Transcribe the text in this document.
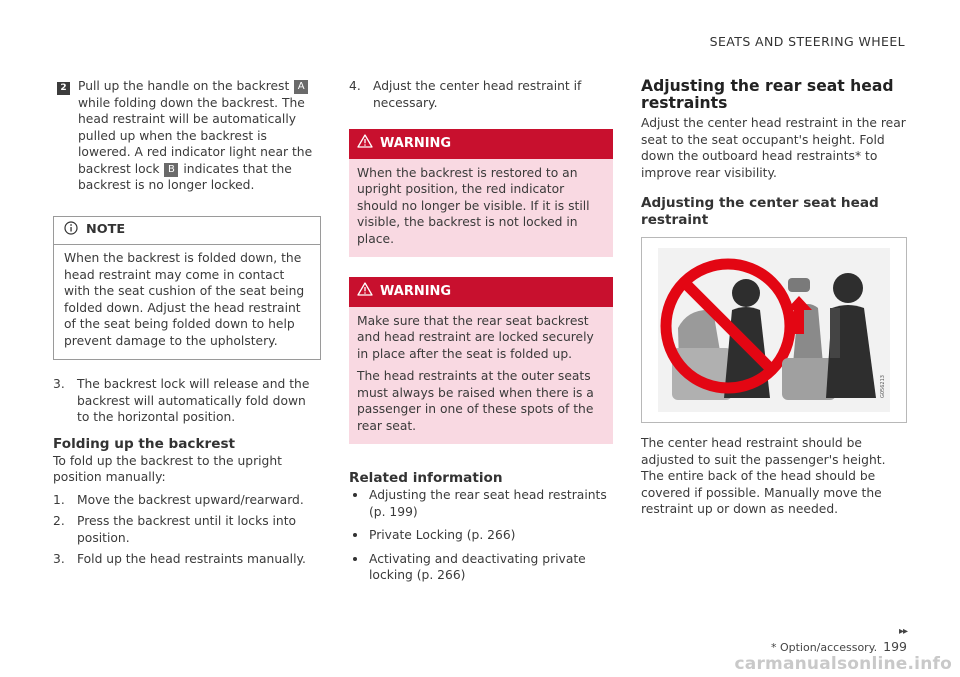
SEATS AND STEERING WHEEL
2 Pull up the handle on the backrest A while folding down the backrest. The head restraint will be automatically pulled up when the backrest is lowered. A red indicator light near the backrest lock B indicates that the backrest is no longer locked.
NOTE
When the backrest is folded down, the head restraint may come in contact with the seat cushion of the seat being folded down. Adjust the head restraint of the seat being folded down to help prevent damage to the upholstery.
3. The backrest lock will release and the backrest will automatically fold down to the horizontal position.
Folding up the backrest

To fold up the backrest to the upright position manually:

1. Move the backrest upward/rearward.
2. Press the backrest until it locks into position.
3. Fold up the head restraints manually.
4. Adjust the center head restraint if necessary.
WARNING

When the backrest is restored to an upright position, the red indicator should no longer be visible. If it is still visible, the backrest is not locked in place.

WARNING

Make sure that the rear seat backrest and head restraint are locked securely in place after the seat is folded up.

The head restraints at the outer seats must always be raised when there is a passenger in one of these spots of the rear seat.

Related information
Adjusting the rear seat head restraints (p. 199)
Private Locking (p. 266)
Activating and deactivating private locking (p. 266)
Adjusting the rear seat head restraints

Adjust the center head restraint in the rear seat to the seat occupant's height. Fold down the outboard head restraints* to improve rear visibility.

Adjusting the center seat head restraint
G056213

The center head restraint should be adjusted to suit the passenger's height. The entire back of the head should be covered if possible. Manually move the restraint up or down as needed.

▸▸
* Option/accessory. 199
carmanualsonline.info
